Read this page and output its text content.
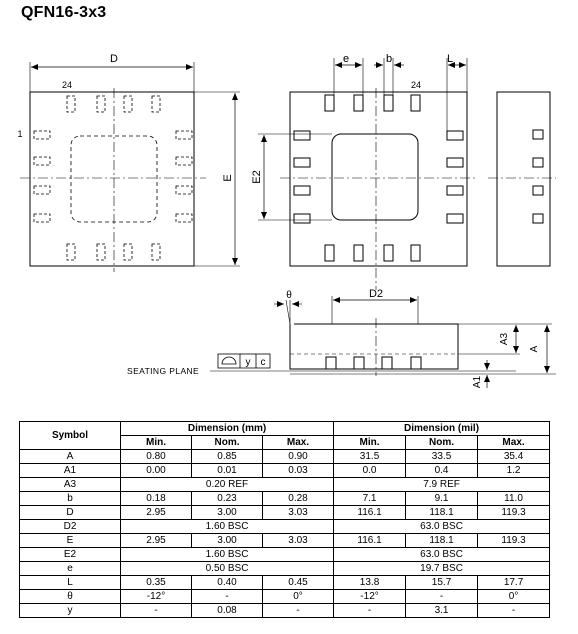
QFN16-3x3
D
E
24
1
e	b	L
E2
24
θ	D2
A3
A
A1
SEATING PLANE
y c
Symbol	Dimension (mm)			Dimension (mil)		
	Min.	Nom.	Max.	Min.	Nom.	Max.
A	0.80	0.85	0.90	31.5	33.5	35.4
A1	0.00	0.01	0.03	0.0	0.4	1.2
A3	0.20 REF			7.9 REF		
b	0.18	0.23	0.28	7.1	9.1	11.0
D	2.95	3.00	3.03	116.1	118.1	119.3
D2	1.60 BSC			63.0 BSC		
E	2.95	3.00	3.03	116.1	118.1	119.3
E2	1.60 BSC			63.0 BSC		
e	0.50 BSC			19.7 BSC		
L	0.35	0.40	0.45	13.8	15.7	17.7
θ	-12°	-	0°	-12°	-	0°
y	-	0.08	-	-	3.1	-
